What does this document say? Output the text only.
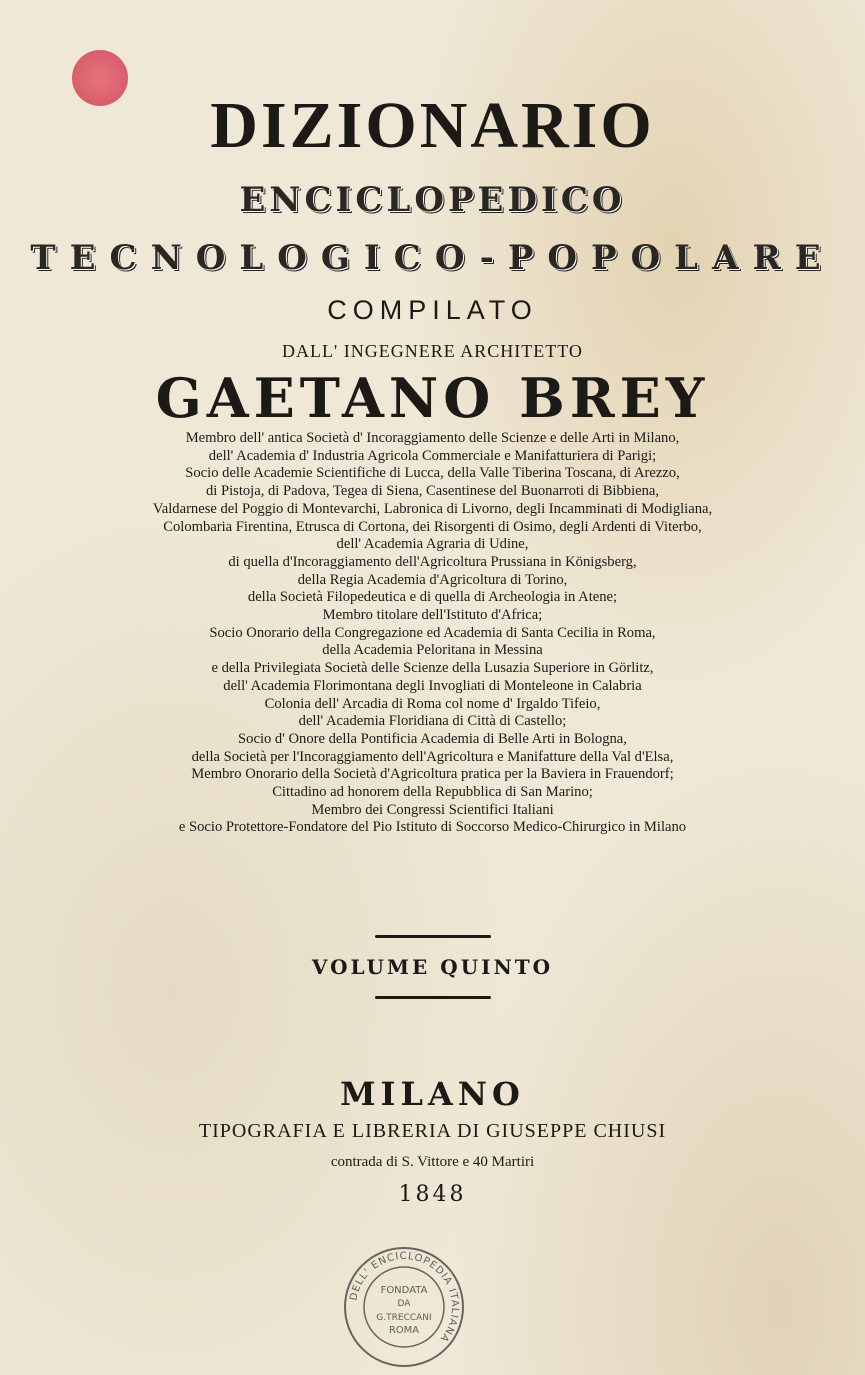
DIZIONARIO
ENCICLOPEDICO
TECNOLOGICO-POPOLARE
COMPILATO
DALL' INGEGNERE ARCHITETTO
GAETANO BREY
Membro dell' antica Società d' Incoraggiamento delle Scienze e delle Arti in Milano,
dell' Academia d' Industria Agricola Commerciale e Manifatturiera di Parigi;
Socio delle Academie Scientifiche di Lucca, della Valle Tiberina Toscana, di Arezzo,
di Pistoja, di Padova, Tegea di Siena, Casentinese del Buonarroti di Bibbiena,
Valdarnese del Poggio di Montevarchi, Labronica di Livorno, degli Incamminati di Modigliana,
Colombaria Firentina, Etrusca di Cortona, dei Risorgenti di Osimo, degli Ardenti di Viterbo,
dell' Academia Agraria di Udine,
di quella d'Incoraggiamento dell'Agricoltura Prussiana in Königsberg,
della Regia Academia d'Agricoltura di Torino,
della Società Filopedeutica e di quella di Archeologia in Atene;
Membro titolare dell'Istituto d'Africa;
Socio Onorario della Congregazione ed Academia di Santa Cecilia in Roma,
della Academia Peloritana in Messina
e della Privilegiata Società delle Scienze della Lusazia Superiore in Görlitz,
dell' Academia Florimontana degli Invogliati di Monteleone in Calabria
Colonia dell' Arcadia di Roma col nome d' Irgaldo Tifeio,
dell' Academia Floridiana di Città di Castello;
Socio d' Onore della Pontificia Academia di Belle Arti in Bologna,
della Società per l'Incoraggiamento dell'Agricoltura e Manifatture della Val d'Elsa,
Membro Onorario della Società d'Agricoltura pratica per la Baviera in Frauendorf;
Cittadino ad honorem della Repubblica di San Marino;
Membro dei Congressi Scientifici Italiani
e Socio Protettore-Fondatore del Pio Istituto di Soccorso Medico-Chirurgico in Milano
VOLUME QUINTO
MILANO
TIPOGRAFIA E LIBRERIA DI GIUSEPPE CHIUSI
contrada di S. Vittore e 40 Martiri
1848
DELL' ENCICLOPEDIA ITALIANA
FONDATA
DA
G.TRECCANI
ROMA
